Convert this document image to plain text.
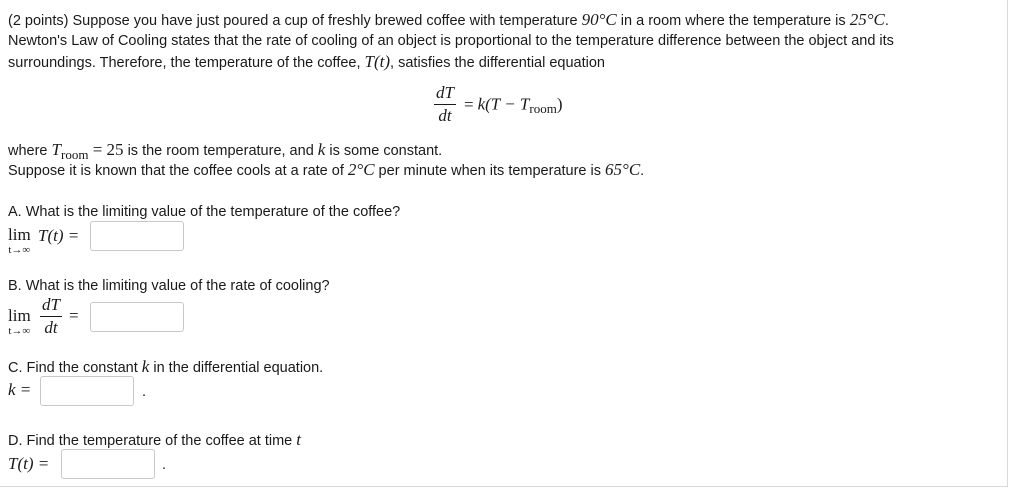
(2 points) Suppose you have just poured a cup of freshly brewed coffee with temperature 90°C in a room where the temperature is 25°C.
Newton's Law of Cooling states that the rate of cooling of an object is proportional to the temperature difference between the object and its
surroundings. Therefore, the temperature of the coffee, T(t), satisfies the differential equation
$\frac{dT}{dt} = k(T$ − Troom)
where Troom = 25 is the room temperature, and k is some constant.
Suppose it is known that the coffee cools at a rate of 2°C per minute when its temperature is 65°C.
A. What is the limiting value of the temperature of the coffee?
lim
t→∞
T(t) =
B. What is the limiting value of the rate of cooling?
lim
$t\to\infty \frac{dT}{dt}$ =
C. Find the constant k in the differential equation.
k =	.
D. Find the temperature of the coffee at time t
T(t) =	.
